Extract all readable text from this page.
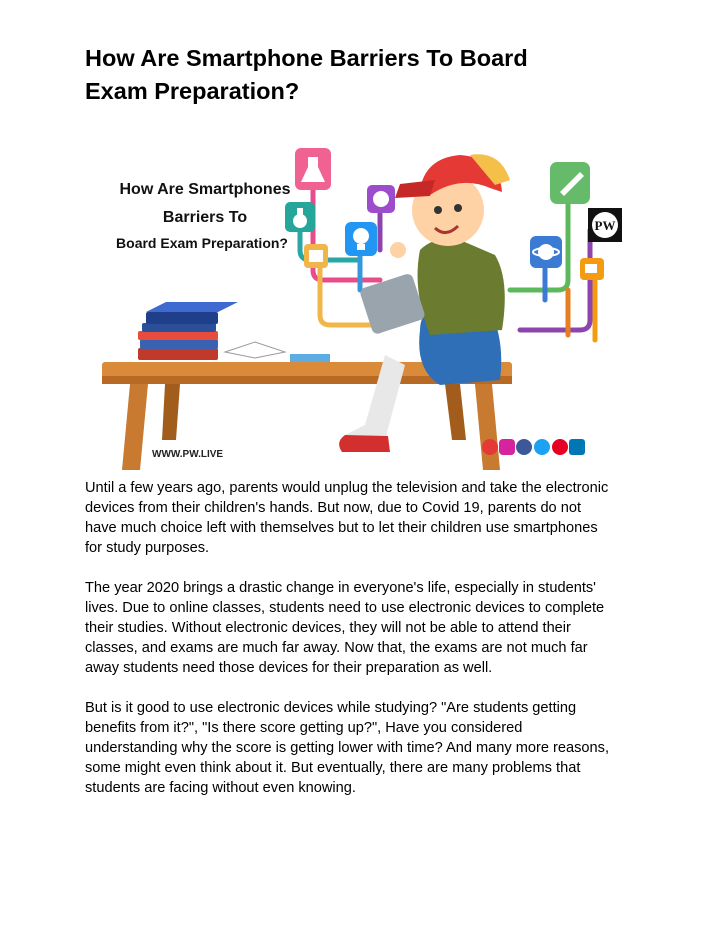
How Are Smartphone Barriers To Board
Exam Preparation?
PW
How Are Smartphones
Barriers To
Board Exam Preparation?
WWW.PW.LIVE

Until a few years ago, parents would unplug the television and take the electronic
devices from their children's hands. But now, due to Covid 19, parents do not
have much choice left with themselves but to let their children use smartphones
for study purposes.

The year 2020 brings a drastic change in everyone's life, especially in students'
lives. Due to online classes, students need to use electronic devices to complete
their studies. Without electronic devices, they will not be able to attend their
classes, and exams are much far away. Now that, the exams are not much far
away students need those devices for their preparation as well.

But is it good to use electronic devices while studying? "Are students getting
benefits from it?", "Is there score getting up?", Have you considered
understanding why the score is getting lower with time? And many more reasons,
some might even think about it. But eventually, there are many problems that
students are facing without even knowing.
